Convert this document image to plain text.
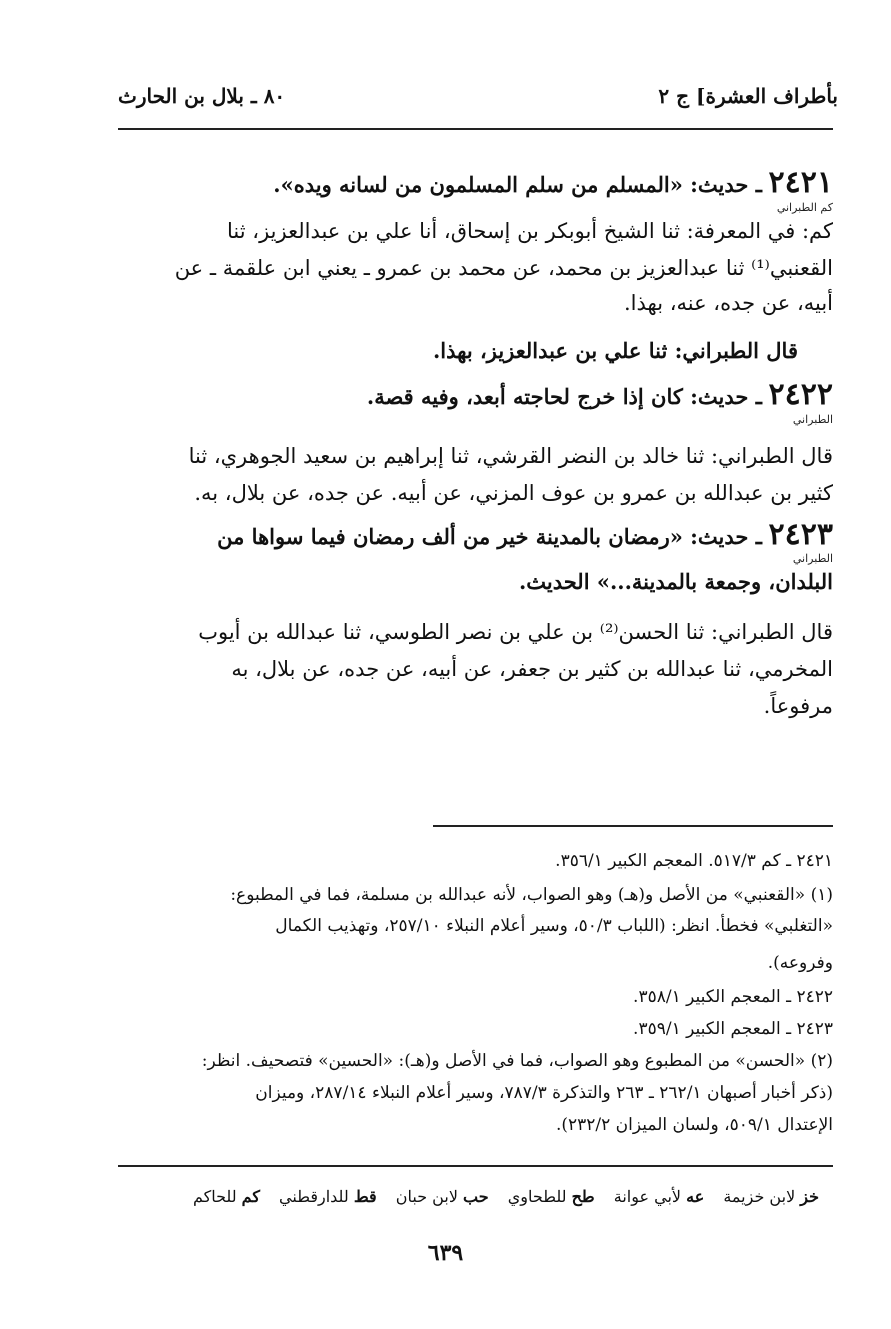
بأطراف العشرة] ج ٢
٨٠ ـ بلال بن الحارث
٢٤٢١ ـ حديث: «المسلم من سلم المسلمون من لسانه ويده».
كم الطبراني
كم: في المعرفة: ثنا الشيخ أبوبكر بن إسحاق، أنا علي بن عبدالعزيز، ثنا
القعنبي⁽¹⁾ ثنا عبدالعزيز بن محمد، عن محمد بن عمرو ـ يعني ابن علقمة ـ عن
أبيه، عن جده، عنه، بهذا.
قال الطبراني: ثنا علي بن عبدالعزيز، بهذا.
٢٤٢٢ ـ حديث: كان إذا خرج لحاجته أبعد، وفيه قصة.
الطبراني
قال الطبراني: ثنا خالد بن النضر القرشي، ثنا إبراهيم بن سعيد الجوهري، ثنا
كثير بن عبدالله بن عمرو بن عوف المزني، عن أبيه. عن جده، عن بلال، به.
٢٤٢٣ ـ حديث: «رمضان بالمدينة خير من ألف رمضان فيما سواها من
الطبراني
البلدان، وجمعة بالمدينة...» الحديث.
قال الطبراني: ثنا الحسن⁽²⁾ بن علي بن نصر الطوسي، ثنا عبدالله بن أيوب
المخرمي، ثنا عبدالله بن كثير بن جعفر، عن أبيه، عن جده، عن بلال، به
مرفوعاً.
٢٤٢١ ـ كم ٥١٧/٣. المعجم الكبير ٣٥٦/١.
(١) «القعنبي» من الأصل و(هـ) وهو الصواب، لأنه عبدالله بن مسلمة، فما في المطبوع:
«التغلبي» فخطأ. انظر: (اللباب ٥٠/٣، وسير أعلام النبلاء ٢٥٧/١٠، وتهذيب الكمال
وفروعه).
٢٤٢٢ ـ المعجم الكبير ٣٥٨/١.
٢٤٢٣ ـ المعجم الكبير ٣٥٩/١.
(٢) «الحسن» من المطبوع وهو الصواب، فما في الأصل و(هـ): «الحسين» فتصحيف. انظر:
(ذكر أخبار أصبهان ٢٦٢/١ ـ ٢٦٣ والتذكرة ٧٨٧/٣، وسير أعلام النبلاء ٢٨٧/١٤، وميزان
الإعتدال ٥٠٩/١، ولسان الميزان ٢٣٢/٢).
خز لابن خزيمة عه لأبي عوانة طح للطحاوي حب لابن حبان قط للدارقطني كم للحاكم
٦٣٩
